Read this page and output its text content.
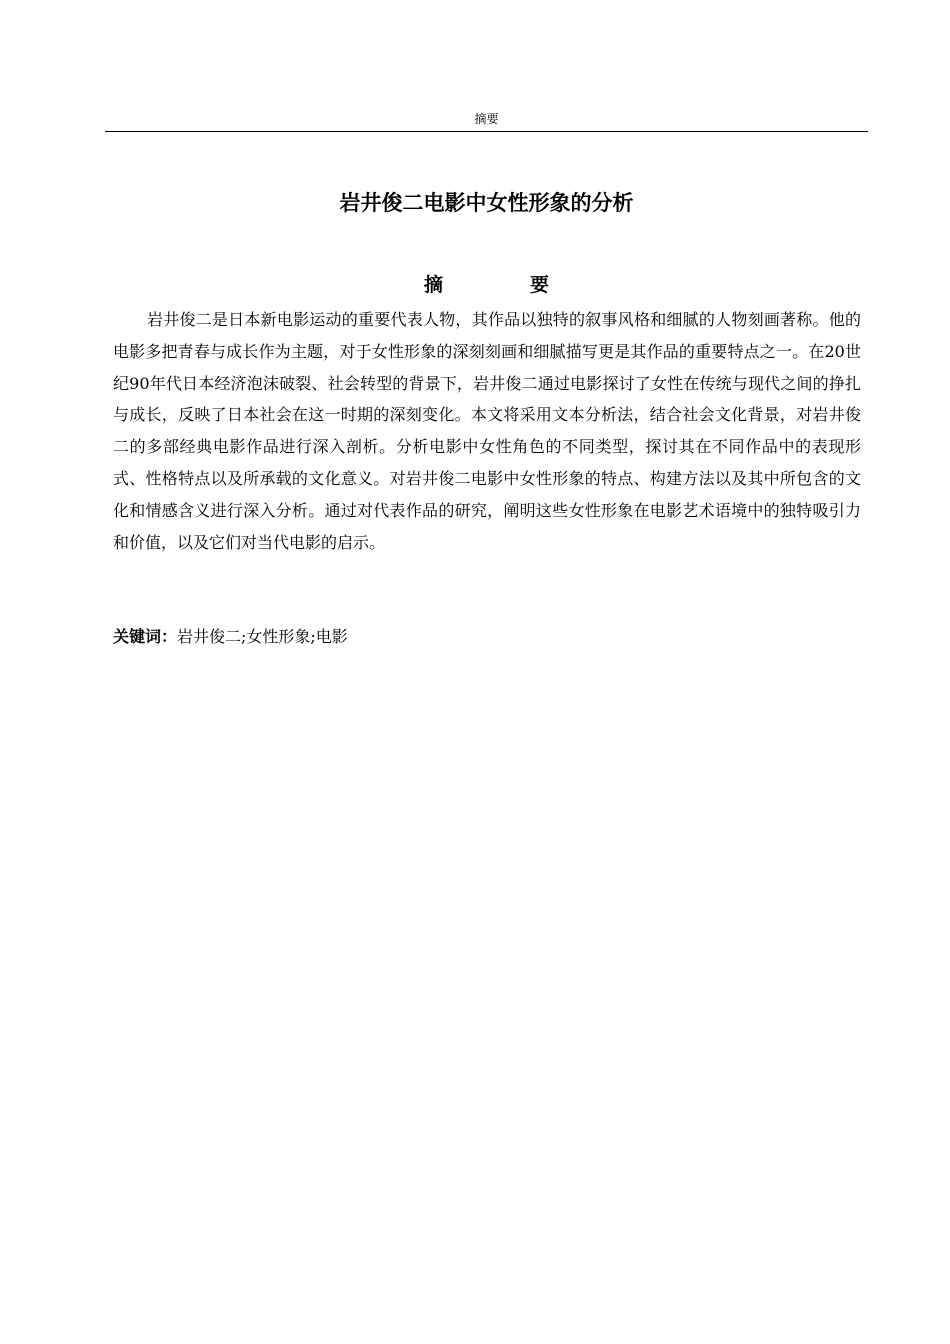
摘要
岩井俊二电影中女性形象的分析
摘　要

岩井俊二是日本新电影运动的重要代表人物，其作品以独特的叙事风格和细腻的人物刻画著称。他的电影多把青春与成长作为主题，对于女性形象的深刻刻画和细腻描写更是其作品的重要特点之一。在20世纪90年代日本经济泡沫破裂、社会转型的背景下，岩井俊二通过电影探讨了女性在传统与现代之间的挣扎与成长，反映了日本社会在这一时期的深刻变化。本文将采用文本分析法，结合社会文化背景，对岩井俊二的多部经典电影作品进行深入剖析。分析电影中女性角色的不同类型，探讨其在不同作品中的表现形式、性格特点以及所承载的文化意义。对岩井俊二电影中女性形象的特点、构建方法以及其中所包含的文化和情感含义进行深入分析。通过对代表作品的研究，阐明这些女性形象在电影艺术语境中的独特吸引力和价值，以及它们对当代电影的启示。

关键词：岩井俊二;女性形象;电影
